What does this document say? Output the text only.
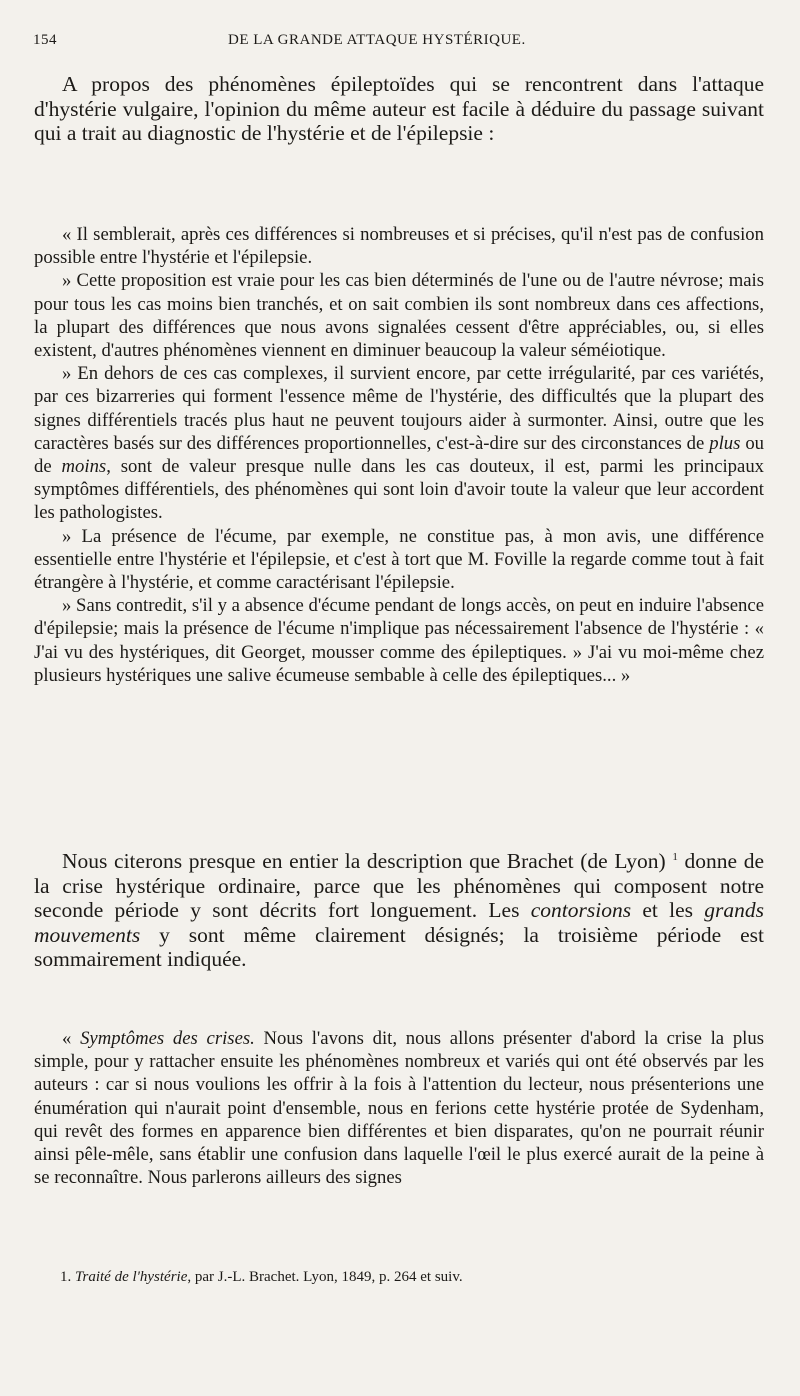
154	DE LA GRANDE ATTAQUE HYSTÉRIQUE.

A propos des phénomènes épileptoïdes qui se rencontrent dans l'attaque d'hystérie vulgaire, l'opinion du même auteur est facile à déduire du passage suivant qui a trait au diagnostic de l'hystérie et de l'épilepsie :

« Il semblerait, après ces différences si nombreuses et si précises, qu'il n'est pas de confusion possible entre l'hystérie et l'épilepsie.

» Cette proposition est vraie pour les cas bien déterminés de l'une ou de l'autre névrose; mais pour tous les cas moins bien tranchés, et on sait combien ils sont nombreux dans ces affections, la plupart des différences que nous avons signalées cessent d'être appréciables, ou, si elles existent, d'autres phénomènes viennent en diminuer beaucoup la valeur séméiotique.

» En dehors de ces cas complexes, il survient encore, par cette irrégularité, par ces variétés, par ces bizarreries qui forment l'essence même de l'hystérie, des difficultés que la plupart des signes différentiels tracés plus haut ne peuvent toujours aider à surmonter. Ainsi, outre que les caractères basés sur des différences proportionnelles, c'est-à-dire sur des circonstances de plus ou de moins, sont de valeur presque nulle dans les cas douteux, il est, parmi les principaux symptômes différentiels, des phénomènes qui sont loin d'avoir toute la valeur que leur accordent les pathologistes.

» La présence de l'écume, par exemple, ne constitue pas, à mon avis, une différence essentielle entre l'hystérie et l'épilepsie, et c'est à tort que M. Foville la regarde comme tout à fait étrangère à l'hystérie, et comme caractérisant l'épilepsie.

» Sans contredit, s'il y a absence d'écume pendant de longs accès, on peut en induire l'absence d'épilepsie; mais la présence de l'écume n'implique pas nécessairement l'absence de l'hystérie : « J'ai vu des hystériques, dit Georget, mousser comme des épileptiques. » J'ai vu moi-même chez plusieurs hystériques une salive écumeuse sembable à celle des épileptiques... »

Nous citerons presque en entier la description que Brachet (de Lyon) $^1$ donne de la crise hystérique ordinaire, parce que les phénomènes qui composent notre seconde période y sont décrits fort longuement. Les contorsions et les grands mouvements y sont même clairement désignés; la troisième période est sommairement indiquée.

« Symptômes des crises. Nous l'avons dit, nous allons présenter d'abord la crise la plus simple, pour y rattacher ensuite les phénomènes nombreux et variés qui ont été observés par les auteurs : car si nous voulions les offrir à la fois à l'attention du lecteur, nous présenterions une énumération qui n'aurait point d'ensemble, nous en ferions cette hystérie protée de Sydenham, qui revêt des formes en apparence bien différentes et bien disparates, qu'on ne pourrait réunir ainsi pêle-mêle, sans établir une confusion dans laquelle l'œil le plus exercé aurait de la peine à se reconnaître. Nous parlerons ailleurs des signes

1. Traité de l'hystérie, par J.-L. Brachet. Lyon, 1849, p. 264 et suiv.
